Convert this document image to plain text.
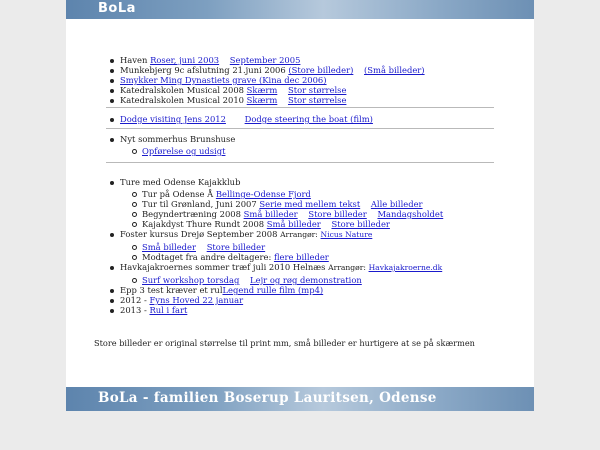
BoLa
Haven Roser, juni 2003 September 2005
Munkebjerg 9c afslutning 21.juni 2006 (Store billeder) (Små billeder)
Smykker Ming Dynastiets grave (Kina dec 2006)
Katedralskolen Musical 2008 Skærm Stor størrelse
Katedralskolen Musical 2010 Skærm Stor størrelse
Dodge visiting Jens 2012 Dodge steering the boat (film)
Nyt sommerhus Brunshuse
Opførelse og udsigt
Ture med Odense Kajakklub
Tur på Odense Å Bellinge-Odense Fjord
Tur til Grønland, Juni 2007 Serie med mellem tekst Alle billeder
Begyndertræning 2008 Små billeder Store billeder Mandagsholdet
Kajakdyst Thure Rundt 2008 Små billeder Store billeder
Foster kursus Drejø September 2008 Arrangør: Nicus Nature
Små billeder Store billeder
Modtaget fra andre deltagere: flere billeder
Havkajakroernes sommer træf juli 2010 Helnæs Arrangør: Havkajakroerne.dk
Surf workshop torsdag Lejr og røg demonstration
Epp 3 test kræver et rulLegend rulle film (mp4)
2012 - Fyns Hoved 22 januar
2013 - Rul i fart
Store billeder er original størrelse til print mm, små billeder er hurtigere at se på skærmen
BoLa - familien Boserup Lauritsen, Odense
